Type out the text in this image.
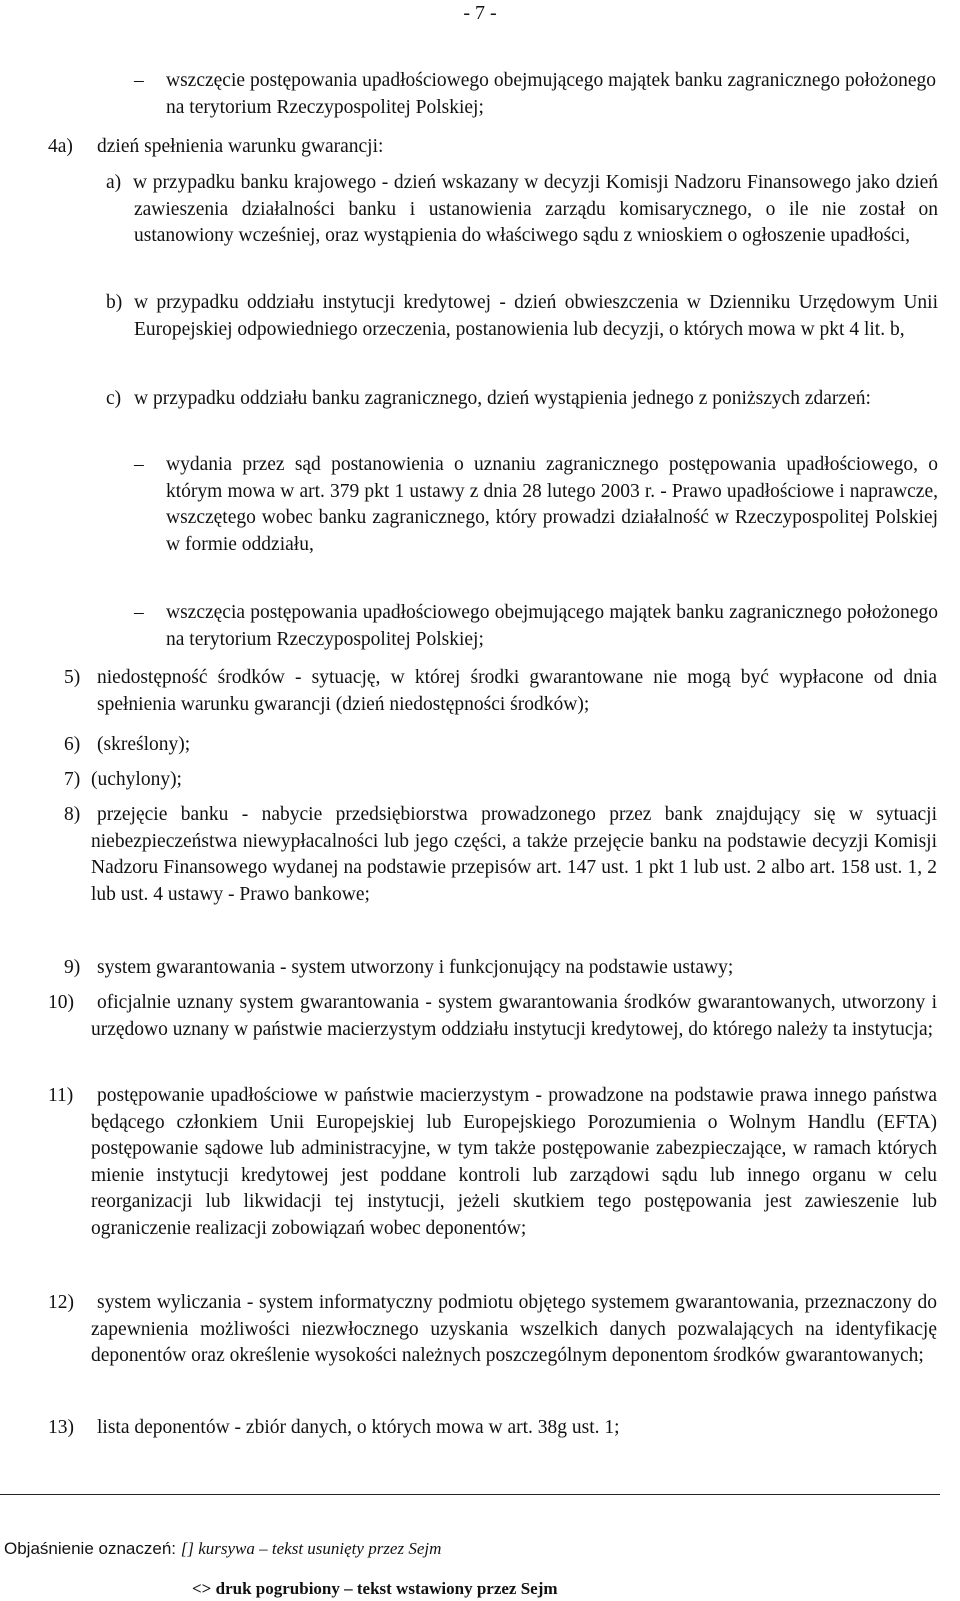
- 7 -
– wszczęcie postępowania upadłościowego obejmującego majątek banku zagranicznego położonego na terytorium Rzeczypospolitej Polskiej;
4a) dzień spełnienia warunku gwarancji:
a) w przypadku banku krajowego - dzień wskazany w decyzji Komisji Nadzoru Finansowego jako dzień zawieszenia działalności banku i ustanowienia zarządu komisarycznego, o ile nie został on ustanowiony wcześniej, oraz wystąpienia do właściwego sądu z wnioskiem o ogłoszenie upadłości,
b) w przypadku oddziału instytucji kredytowej - dzień obwieszczenia w Dzienniku Urzędowym Unii Europejskiej odpowiedniego orzeczenia, postanowienia lub decyzji, o których mowa w pkt 4 lit. b,
c) w przypadku oddziału banku zagranicznego, dzień wystąpienia jednego z poniższych zdarzeń:
– wydania przez sąd postanowienia o uznaniu zagranicznego postępowania upadłościowego, o którym mowa w art. 379 pkt 1 ustawy z dnia 28 lutego 2003 r. - Prawo upadłościowe i naprawcze, wszczętego wobec banku zagranicznego, który prowadzi działalność w Rzeczypospolitej Polskiej w formie oddziału,
– wszczęcia postępowania upadłościowego obejmującego majątek banku zagranicznego położonego na terytorium Rzeczypospolitej Polskiej;
5) niedostępność środków - sytuację, w której środki gwarantowane nie mogą być wypłacone od dnia spełnienia warunku gwarancji (dzień niedostępności środków);
6) (skreślony);
7) (uchylony);
8) przejęcie banku - nabycie przedsiębiorstwa prowadzonego przez bank znajdujący się w sytuacji niebezpieczeństwa niewypłacalności lub jego części, a także przejęcie banku na podstawie decyzji Komisji Nadzoru Finansowego wydanej na podstawie przepisów art. 147 ust. 1 pkt 1 lub ust. 2 albo art. 158 ust. 1, 2 lub ust. 4 ustawy - Prawo bankowe;
9) system gwarantowania - system utworzony i funkcjonujący na podstawie ustawy;
10)	oficjalnie uznany system gwarantowania - system gwarantowania środków gwarantowanych, utworzony i urzędowo uznany w państwie macierzystym oddziału instytucji kredytowej, do którego należy ta instytucja;
11)	postępowanie upadłościowe w państwie macierzystym - prowadzone na podstawie prawa innego państwa będącego członkiem Unii Europejskiej lub Europejskiego Porozumienia o Wolnym Handlu (EFTA) postępowanie sądowe lub administracyjne, w tym także postępowanie zabezpieczające, w ramach których mienie instytucji kredytowej jest poddane kontroli lub zarządowi sądu lub innego organu w celu reorganizacji lub likwidacji tej instytucji, jeżeli skutkiem tego postępowania jest zawieszenie lub ograniczenie realizacji zobowiązań wobec deponentów;
12)	system wyliczania - system informatyczny podmiotu objętego systemem gwarantowania, przeznaczony do zapewnienia możliwości niezwłocznego uzyskania wszelkich danych pozwalających na identyfikację deponentów oraz określenie wysokości należnych poszczególnym deponentom środków gwarantowanych;
13) lista deponentów - zbiór danych, o których mowa w art. 38g ust. 1;
Objaśnienie oznaczeń: [] kursywa – tekst usunięty przez Sejm
<> druk pogrubiony – tekst wstawiony przez Sejm
